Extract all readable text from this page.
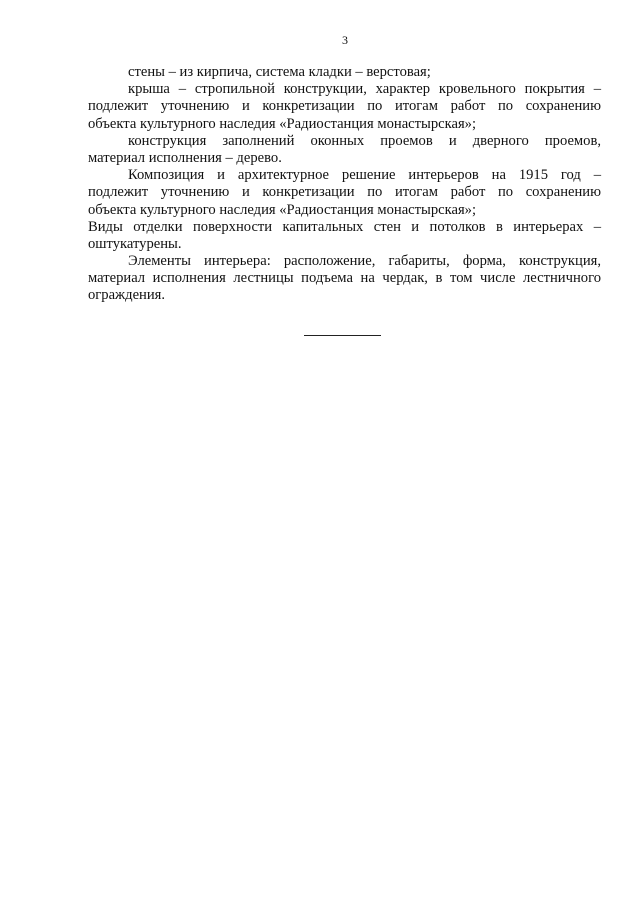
3
стены – из кирпича, система кладки – верстовая;
крыша – стропильной конструкции, характер кровельного покрытия –
подлежит уточнению и конкретизации по итогам работ по сохранению
объекта культурного наследия «Радиостанция монастырская»;
конструкция заполнений оконных проемов и дверного проемов,
материал исполнения – дерево.
Композиция и архитектурное решение интерьеров на 1915 год –
подлежит уточнению и конкретизации по итогам работ по сохранению
объекта культурного наследия «Радиостанция монастырская»;
Виды отделки поверхности капитальных стен и потолков в интерьерах –
оштукатурены.
Элементы интерьера: расположение, габариты, форма, конструкция,
материал исполнения лестницы подъема на чердак, в том числе лестничного
ограждения.
